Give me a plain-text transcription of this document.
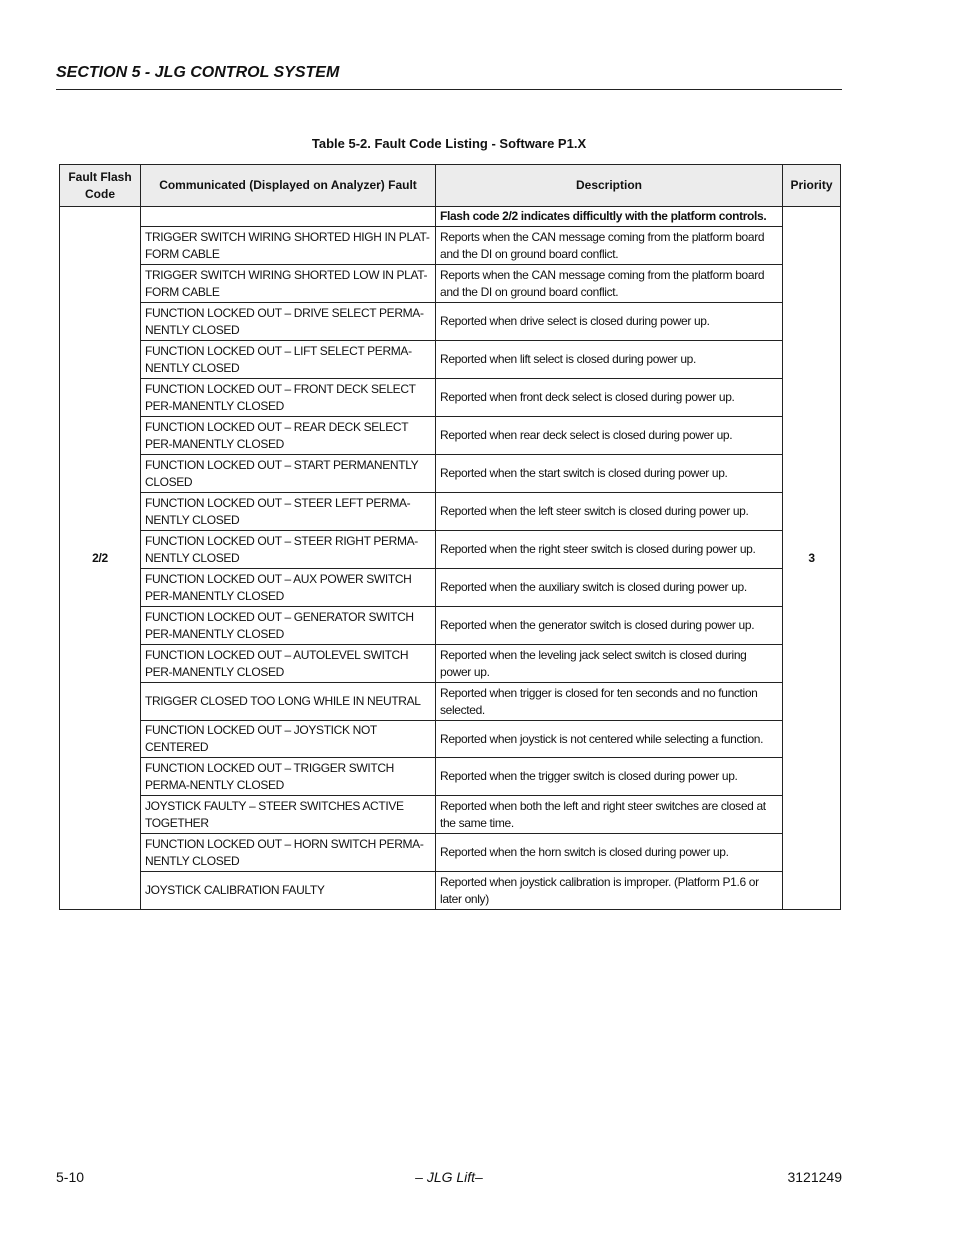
SECTION 5 - JLG CONTROL SYSTEM
Table 5-2. Fault Code Listing - Software P1.X
Fault Flash Code	Communicated (Displayed on Analyzer) Fault	Description	Priority
2/2		Flash code 2/2 indicates difficultly with the platform controls.	3
	TRIGGER SWITCH WIRING SHORTED HIGH IN PLAT-FORM CABLE	Reports when the CAN message coming from the platform board and the DI on ground board conflict.	
	TRIGGER SWITCH WIRING SHORTED LOW IN PLAT-FORM CABLE	Reports when the CAN message coming from the platform board and the DI on ground board conflict.	
	FUNCTION LOCKED OUT – DRIVE SELECT PERMA-NENTLY CLOSED	Reported when drive select is closed during power up.	
	FUNCTION LOCKED OUT – LIFT SELECT PERMA-NENTLY CLOSED	Reported when lift select is closed during power up.	
	FUNCTION LOCKED OUT – FRONT DECK SELECT PER-MANENTLY CLOSED	Reported when front deck select is closed during power up.	
	FUNCTION LOCKED OUT – REAR DECK SELECT PER-MANENTLY CLOSED	Reported when rear deck select is closed during power up.	
	FUNCTION LOCKED OUT – START PERMANENTLY CLOSED	Reported when the start switch is closed during power up.	
	FUNCTION LOCKED OUT – STEER LEFT PERMA-NENTLY CLOSED	Reported when the left steer switch is closed during power up.	
	FUNCTION LOCKED OUT – STEER RIGHT PERMA-NENTLY CLOSED	Reported when the right steer switch is closed during power up.	
	FUNCTION LOCKED OUT – AUX POWER SWITCH PER-MANENTLY CLOSED	Reported when the auxiliary switch is closed during power up.	
	FUNCTION LOCKED OUT – GENERATOR SWITCH PER-MANENTLY CLOSED	Reported when the generator switch is closed during power up.	
	FUNCTION LOCKED OUT – AUTOLEVEL SWITCH PER-MANENTLY CLOSED	Reported when the leveling jack select switch is closed during power up.	
	TRIGGER CLOSED TOO LONG WHILE IN NEUTRAL	Reported when trigger is closed for ten seconds and no function selected.	
	FUNCTION LOCKED OUT – JOYSTICK NOT CENTERED	Reported when joystick is not centered while selecting a function.	
	FUNCTION LOCKED OUT – TRIGGER SWITCH PERMA-NENTLY CLOSED	Reported when the trigger switch is closed during power up.	
	JOYSTICK FAULTY – STEER SWITCHES ACTIVE TOGETHER	Reported when both the left and right steer switches are closed at the same time.	
	FUNCTION LOCKED OUT – HORN SWITCH PERMA-NENTLY CLOSED	Reported when the horn switch is closed during power up.	
	JOYSTICK CALIBRATION FAULTY	Reported when joystick calibration is improper. (Platform P1.6 or later only)	
5-10	– JLG Lift–	3121249
